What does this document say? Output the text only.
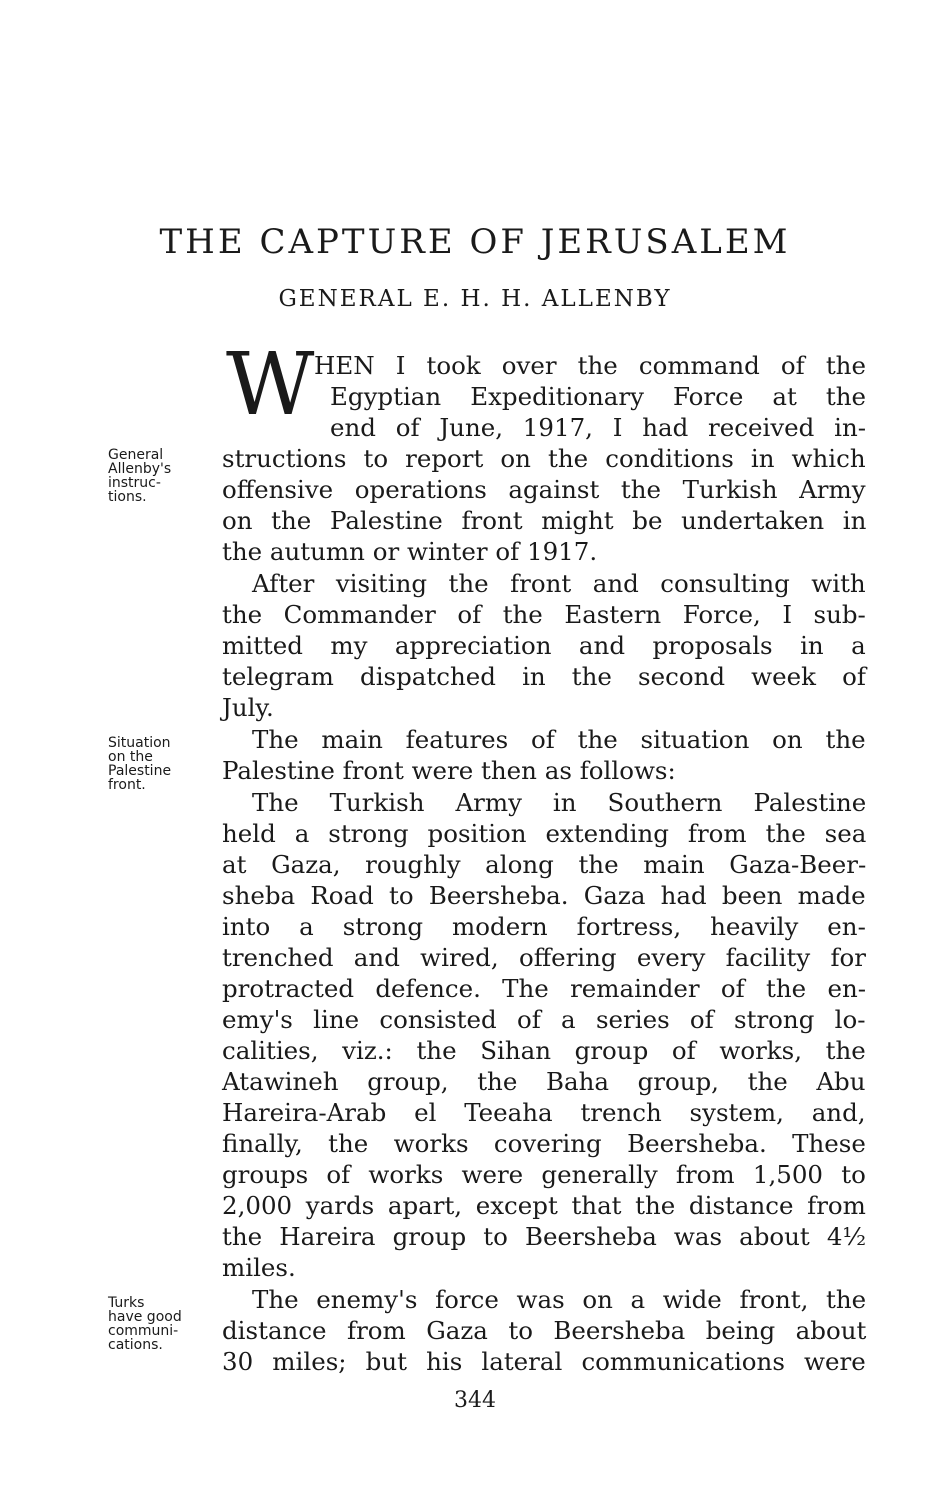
THE CAPTURE OF JERUSALEM
GENERAL E. H. H. ALLENBY
W HEN I took over the command of the
Egyptian Expeditionary Force at the
end of June, 1917, I had received in-
structions to report on the conditions in which
offensive operations against the Turkish Army
on the Palestine front might be undertaken in
the autumn or winter of 1917.
After visiting the front and consulting with
the Commander of the Eastern Force, I sub-
mitted my appreciation and proposals in a
telegram dispatched in the second week of
July.
The main features of the situation on the
Palestine front were then as follows:
The Turkish Army in Southern Palestine
held a strong position extending from the sea
at Gaza, roughly along the main Gaza-Beer-
sheba Road to Beersheba. Gaza had been made
into a strong modern fortress, heavily en-
trenched and wired, offering every facility for
protracted defence. The remainder of the en-
emy's line consisted of a series of strong lo-
calities, viz.: the Sihan group of works, the
Atawineh group, the Baha group, the Abu
Hareira-Arab el Teeaha trench system, and,
finally, the works covering Beersheba. These
groups of works were generally from 1,500 to
2,000 yards apart, except that the distance from
the Hareira group to Beersheba was about 4½
miles.
The enemy's force was on a wide front, the
distance from Gaza to Beersheba being about
30 miles; but his lateral communications were
General
Allenby's
instruc-
tions.
Situation
on the
Palestine
front.
Turks
have good
communi-
cations.
344
